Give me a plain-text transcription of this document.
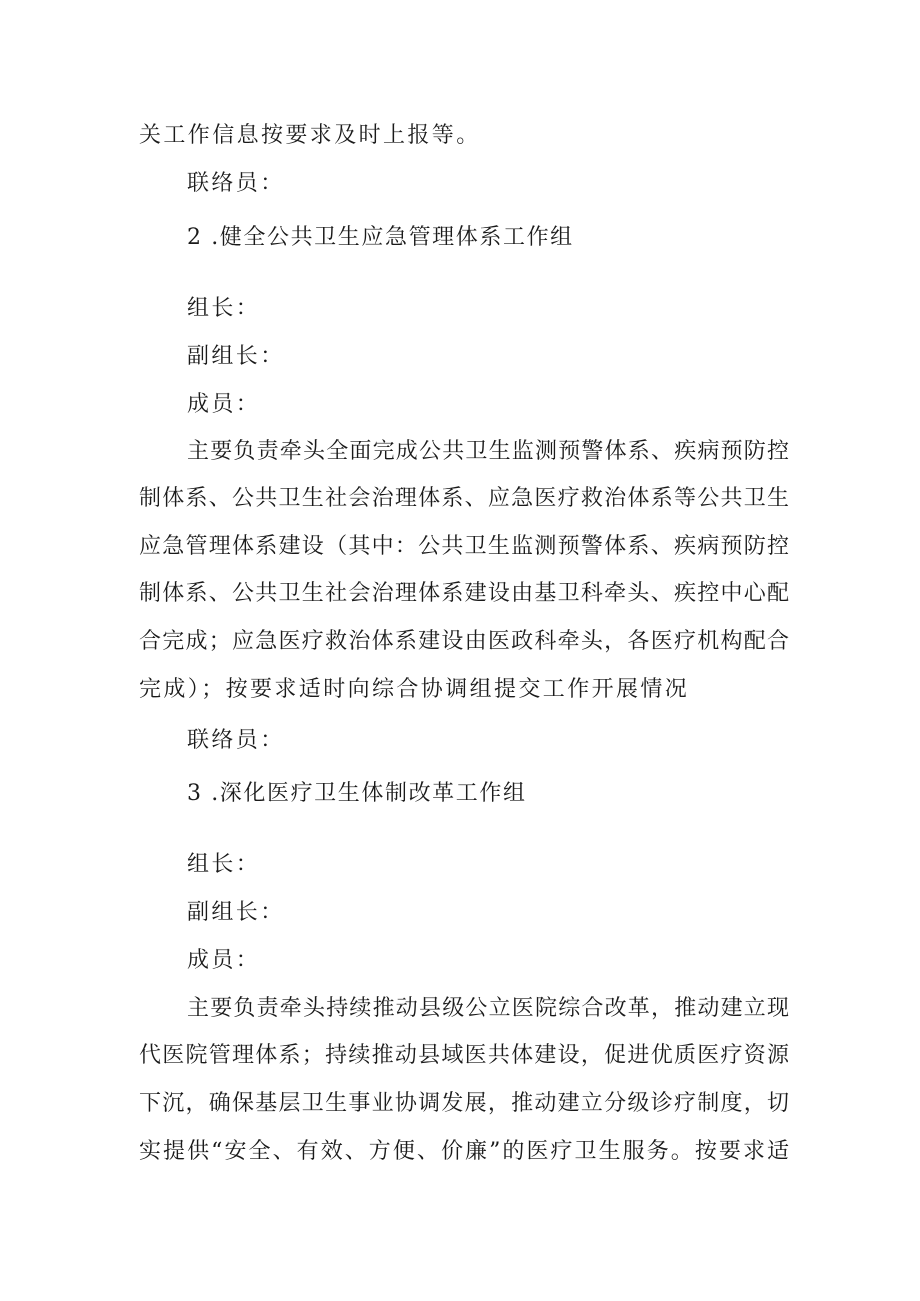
关工作信息按要求及时上报等。

联络员：

2 .健全公共卫生应急管理体系工作组

组长：

副组长：

成员：

主要负责牵头全面完成公共卫生监测预警体系、疾病预防控

制体系、公共卫生社会治理体系、应急医疗救治体系等公共卫生

应急管理体系建设（其中：公共卫生监测预警体系、疾病预防控

制体系、公共卫生社会治理体系建设由基卫科牵头、疾控中心配

合完成；应急医疗救治体系建设由医政科牵头，各医疗机构配合

完成）；按要求适时向综合协调组提交工作开展情况

联络员：

3 .深化医疗卫生体制改革工作组

组长：

副组长：

成员：

主要负责牵头持续推动县级公立医院综合改革，推动建立现

代医院管理体系；持续推动县域医共体建设，促进优质医疗资源

下沉，确保基层卫生事业协调发展，推动建立分级诊疗制度，切

实提供“安全、有效、方便、价廉”的医疗卫生服务。按要求适
